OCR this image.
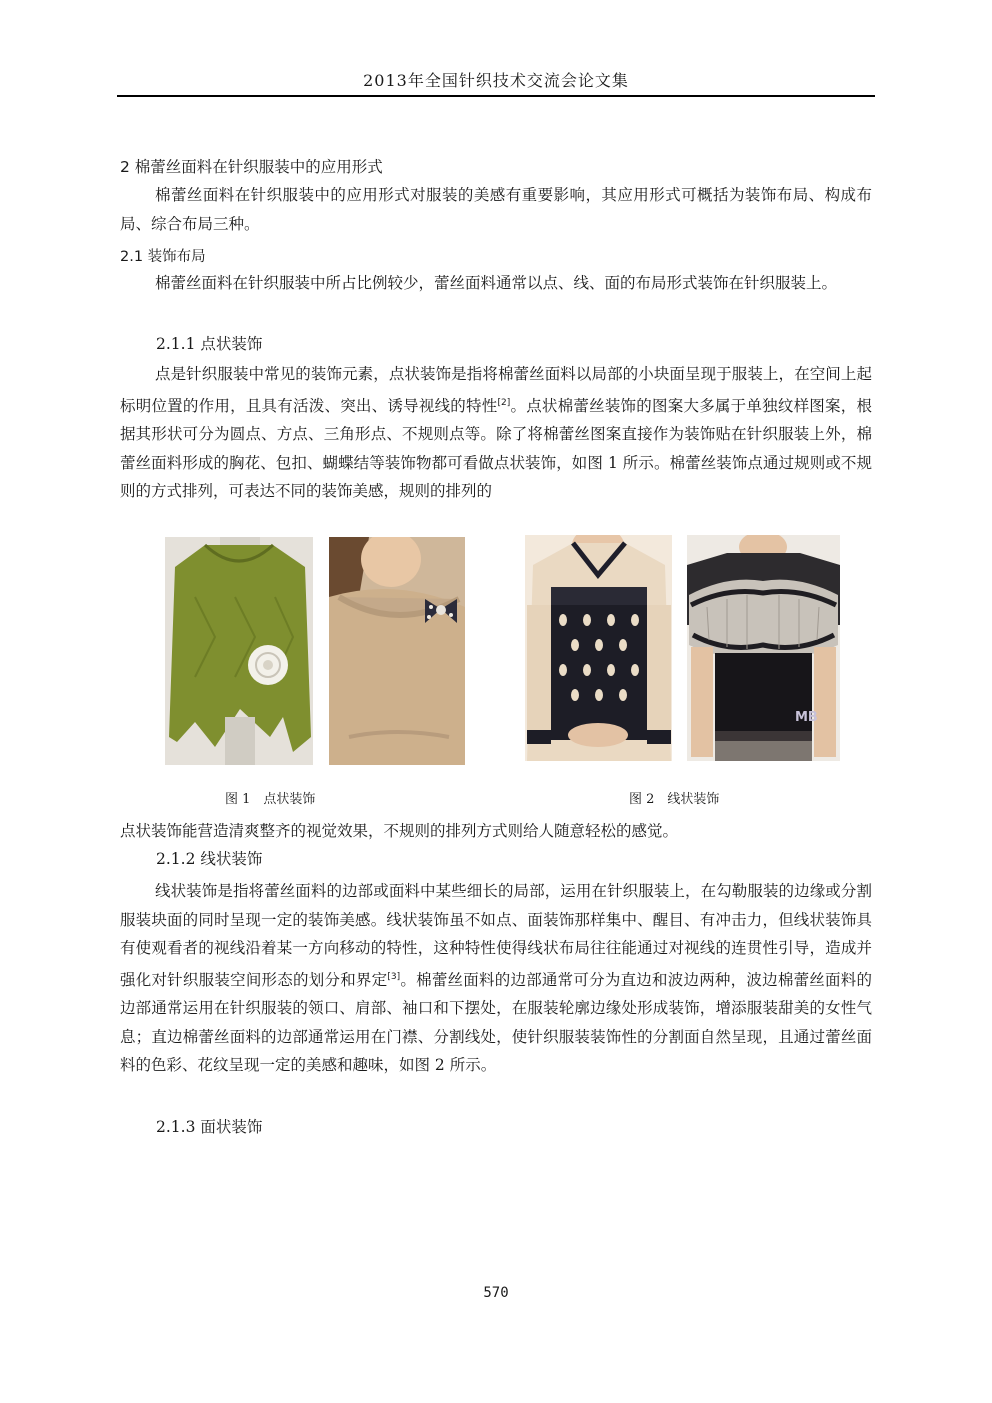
2013年全国针织技术交流会论文集

2 棉蕾丝面料在针织服装中的应用形式

棉蕾丝面料在针织服装中的应用形式对服装的美感有重要影响，其应用形式可概括为装饰布局、构成布局、综合布局三种。

2.1 装饰布局

棉蕾丝面料在针织服装中所占比例较少，蕾丝面料通常以点、线、面的布局形式装饰在针织服装上。

2.1.1 点状装饰

点是针织服装中常见的装饰元素，点状装饰是指将棉蕾丝面料以局部的小块面呈现于服装上，在空间上起标明位置的作用，且具有活泼、突出、诱导视线的特性[2]。点状棉蕾丝装饰的图案大多属于单独纹样图案，根据其形状可分为圆点、方点、三角形点、不规则点等。除了将棉蕾丝图案直接作为装饰贴在针织服装上外，棉蕾丝面料形成的胸花、包扣、蝴蝶结等装饰物都可看做点状装饰，如图 1 所示。棉蕾丝装饰点通过规则或不规则的方式排列，可表达不同的装饰美感，规则的排列的

MB
图 1　点状装饰	图 2　线状装饰

点状装饰能营造清爽整齐的视觉效果，不规则的排列方式则给人随意轻松的感觉。

2.1.2 线状装饰

线状装饰是指将蕾丝面料的边部或面料中某些细长的局部，运用在针织服装上，在勾勒服装的边缘或分割服装块面的同时呈现一定的装饰美感。线状装饰虽不如点、面装饰那样集中、醒目、有冲击力，但线状装饰具有使观看者的视线沿着某一方向移动的特性，这种特性使得线状布局往往能通过对视线的连贯性引导，造成并强化对针织服装空间形态的划分和界定[3]。棉蕾丝面料的边部通常可分为直边和波边两种，波边棉蕾丝面料的边部通常运用在针织服装的领口、肩部、袖口和下摆处，在服装轮廓边缘处形成装饰，增添服装甜美的女性气息；直边棉蕾丝面料的边部通常运用在门襟、分割线处，使针织服装装饰性的分割面自然呈现，且通过蕾丝面料的色彩、花纹呈现一定的美感和趣味，如图 2 所示。

2.1.3 面状装饰

570
